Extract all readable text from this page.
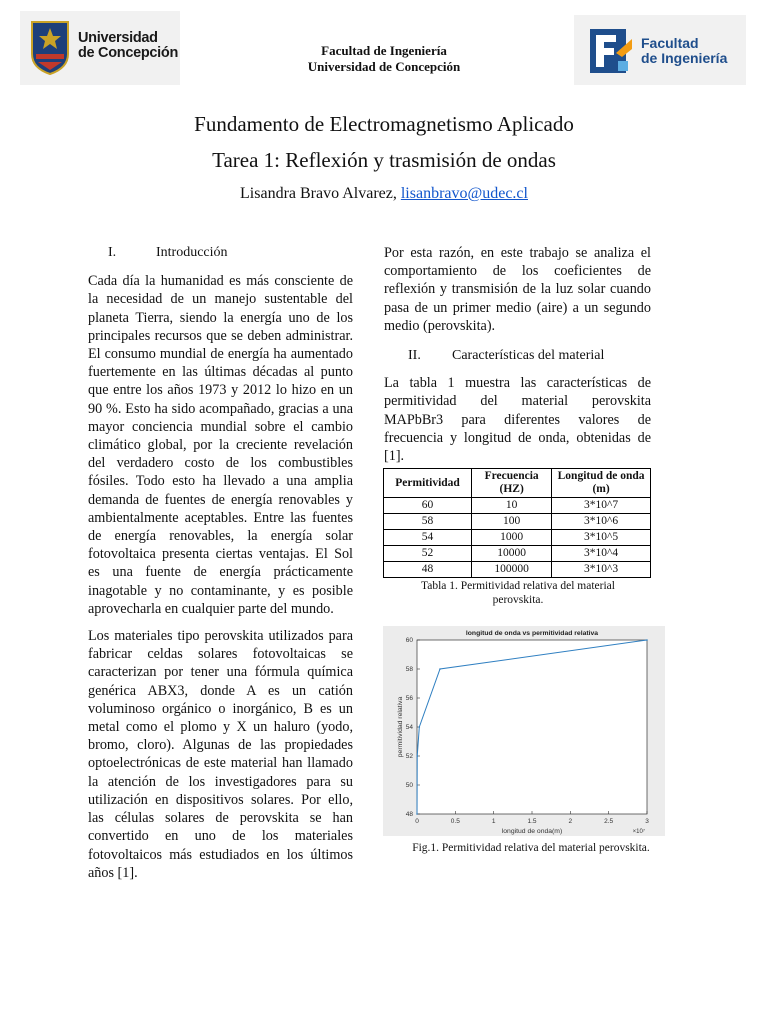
Universidad
de Concepción	Facultad de Ingeniería
Universidad de Concepción
Facultad
de Ingeniería
Fundamento de Electromagnetismo Aplicado
Tarea 1: Reflexión y trasmisión de ondas
Lisandra Bravo Alvarez, lisanbravo@udec.cl
I.	Introducción

Cada día la humanidad es más consciente de la necesidad de un manejo sustentable del planeta Tierra, siendo la energía uno de los principales recursos que se deben administrar. El consumo mundial de energía ha aumentado fuertemente en las últimas décadas al punto que entre los años 1973 y 2012 lo hizo en un 90 %. Esto ha sido acompañado, gracias a una mayor conciencia mundial sobre el cambio climático global, por la creciente revelación del verdadero costo de los combustibles fósiles. Todo esto ha llevado a una amplia demanda de fuentes de energía renovables y ambientalmente aceptables. Entre las fuentes de energía renovables, la energía solar fotovoltaica presenta ciertas ventajas. El Sol es una fuente de energía prácticamente inagotable y no contaminante, y es posible aprovecharla en cualquier parte del mundo.

Los materiales tipo perovskita utilizados para fabricar celdas solares fotovoltaicas se caracterizan por tener una fórmula química genérica ABX3, donde A es un catión voluminoso orgánico o inorgánico, B es un metal como el plomo y X un haluro (yodo, bromo, cloro). Algunas de las propiedades optoelectrónicas de este material han llamado la atención de los investigadores para su utilización en dispositivos solares. Por ello, las células solares de perovskita se han convertido en uno de los materiales fotovoltaicos más estudiados en los últimos años [1].

Por esta razón, en este trabajo se analiza el comportamiento de los coeficientes de reflexión y transmisión de la luz solar cuando pasa de un primer medio (aire) a un segundo medio (perovskita).

II. Características del material

La tabla 1 muestra las características de permitividad del material perovskita MAPbBr3 para diferentes valores de frecuencia y longitud de onda, obtenidas de [1].

Permitividad	Frecuencia (HZ)	Longitud de onda (m)
60	10	3*10^7
58	100	3*10^6
54	1000	3*10^5
52	10000	3*10^4
48	100000	3*10^3
Tabla 1. Permitividad relativa del material perovskita.
0	0.5	1	1.5	2	2.5	3
48
50
52
54
56
58
60
longitud de onda vs permitividad relativa
longitud de onda(m)	×10⁷
permitividad relativa
Fig.1. Permitividad relativa del material perovskita.
